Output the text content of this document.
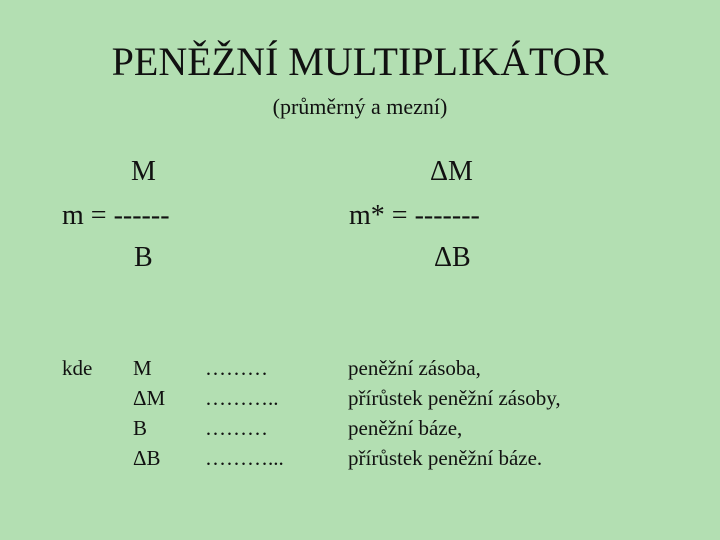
PENĚŽNÍ MULTIPLIKÁTOR
(průměrný a mezní)
M
m = ------
B
ΔM
m* = -------
ΔB
kde M
ΔM
B
ΔB
………
………..
………
………...
peněžní zásoba,
přírůstek peněžní zásoby,
peněžní báze,
přírůstek peněžní báze.
